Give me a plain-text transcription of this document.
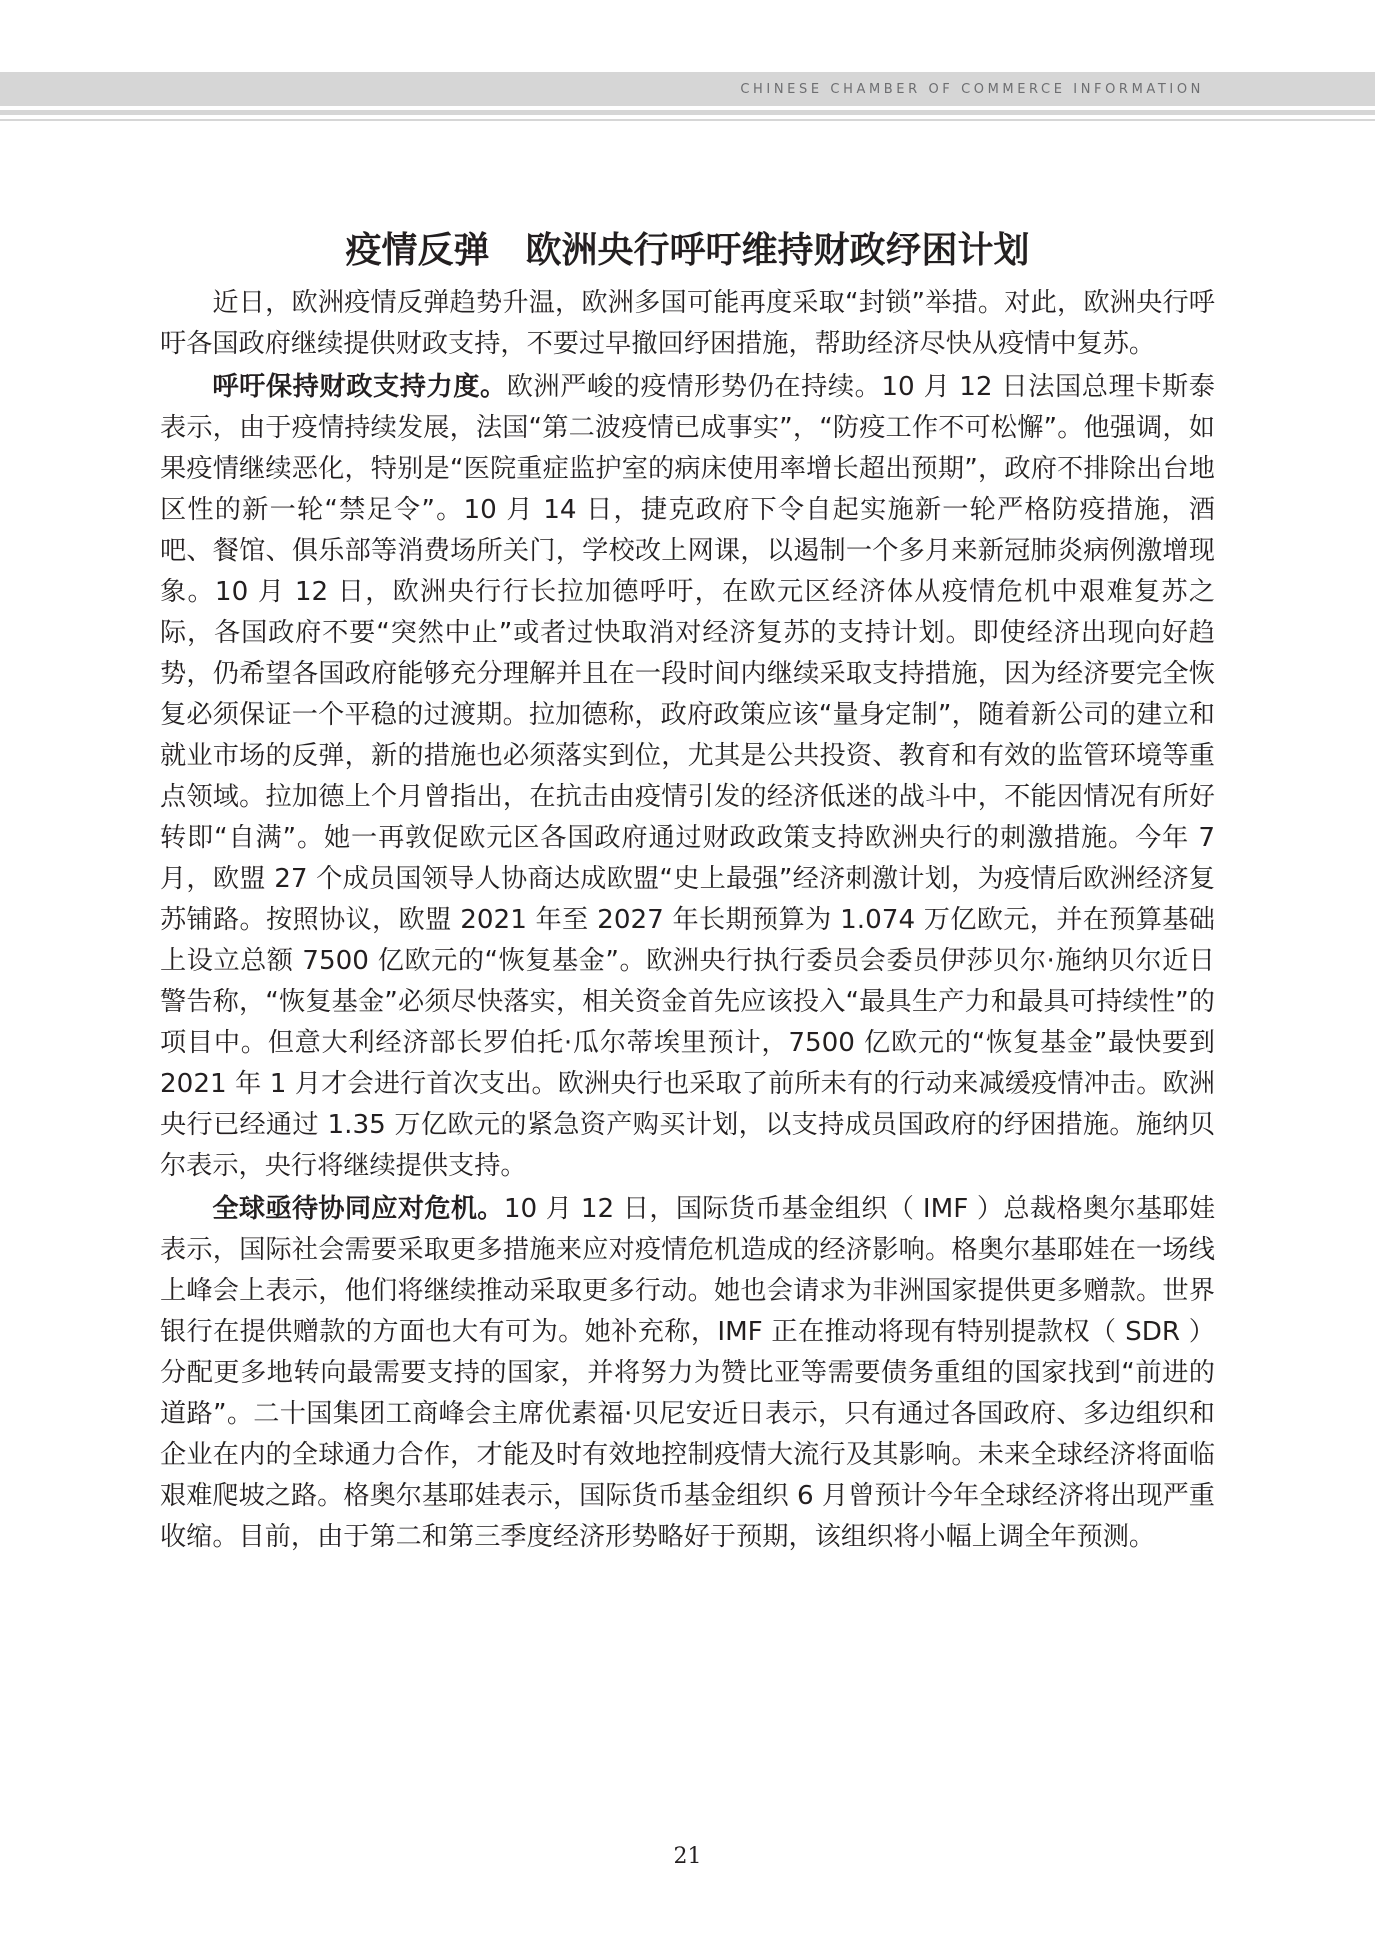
CHINESE CHAMBER OF COMMERCE INFORMATION
疫情反弹　欧洲央行呼吁维持财政纾困计划

近日，欧洲疫情反弹趋势升温，欧洲多国可能再度采取“封锁”举措。对此，欧洲央行呼吁各国政府继续提供财政支持，不要过早撤回纾困措施，帮助经济尽快从疫情中复苏。

呼吁保持财政支持力度。欧洲严峻的疫情形势仍在持续。10 月 12 日法国总理卡斯泰表示，由于疫情持续发展，法国“第二波疫情已成事实”，“防疫工作不可松懈”。他强调，如果疫情继续恶化，特别是“医院重症监护室的病床使用率增长超出预期”，政府不排除出台地区性的新一轮“禁足令”。10 月 14 日，捷克政府下令自起实施新一轮严格防疫措施，酒吧、餐馆、俱乐部等消费场所关门，学校改上网课，以遏制一个多月来新冠肺炎病例激增现象。10 月 12 日，欧洲央行行长拉加德呼吁，在欧元区经济体从疫情危机中艰难复苏之际，各国政府不要“突然中止”或者过快取消对经济复苏的支持计划。即使经济出现向好趋势，仍希望各国政府能够充分理解并且在一段时间内继续采取支持措施，因为经济要完全恢复必须保证一个平稳的过渡期。拉加德称，政府政策应该“量身定制”，随着新公司的建立和就业市场的反弹，新的措施也必须落实到位，尤其是公共投资、教育和有效的监管环境等重点领域。拉加德上个月曾指出，在抗击由疫情引发的经济低迷的战斗中，不能因情况有所好转即“自满”。她一再敦促欧元区各国政府通过财政政策支持欧洲央行的刺激措施。今年 7 月，欧盟 27 个成员国领导人协商达成欧盟“史上最强”经济刺激计划，为疫情后欧洲经济复苏铺路。按照协议，欧盟 2021 年至 2027 年长期预算为 1.074 万亿欧元，并在预算基础上设立总额 7500 亿欧元的“恢复基金”。欧洲央行执行委员会委员伊莎贝尔·施纳贝尔近日警告称，“恢复基金”必须尽快落实，相关资金首先应该投入“最具生产力和最具可持续性”的项目中。但意大利经济部长罗伯托·瓜尔蒂埃里预计，7500 亿欧元的“恢复基金”最快要到 2021 年 1 月才会进行首次支出。欧洲央行也采取了前所未有的行动来减缓疫情冲击。欧洲央行已经通过 1.35 万亿欧元的紧急资产购买计划，以支持成员国政府的纾困措施。施纳贝尔表示，央行将继续提供支持。

全球亟待协同应对危机。10 月 12 日，国际货币基金组织（ IMF ）总裁格奥尔基耶娃表示，国际社会需要采取更多措施来应对疫情危机造成的经济影响。格奥尔基耶娃在一场线上峰会上表示，他们将继续推动采取更多行动。她也会请求为非洲国家提供更多赠款。世界银行在提供赠款的方面也大有可为。她补充称，IMF 正在推动将现有特别提款权（ SDR ）分配更多地转向最需要支持的国家，并将努力为赞比亚等需要债务重组的国家找到“前进的道路”。二十国集团工商峰会主席优素福·贝尼安近日表示，只有通过各国政府、多边组织和企业在内的全球通力合作，才能及时有效地控制疫情大流行及其影响。未来全球经济将面临艰难爬坡之路。格奥尔基耶娃表示，国际货币基金组织 6 月曾预计今年全球经济将出现严重收缩。目前，由于第二和第三季度经济形势略好于预期，该组织将小幅上调全年预测。

21
